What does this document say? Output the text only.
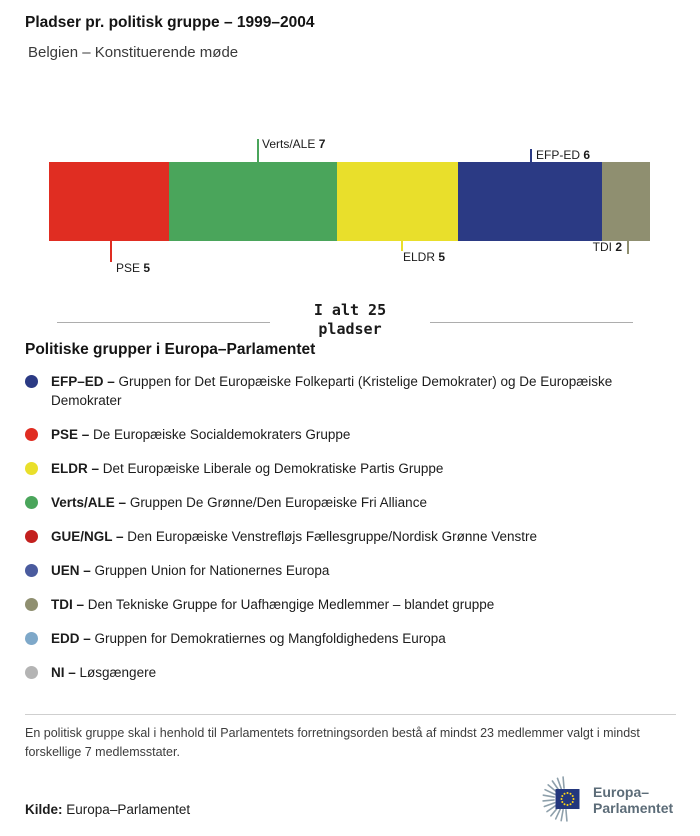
Pladser pr. politisk gruppe – 1999–2004
Belgien – Konstituerende møde
Verts/ALE 7
EFP-ED 6
PSE 5
ELDR 5
TDI 2
I alt 25
pladser
Politiske grupper i Europa–Parlamentet
EFP–ED – Gruppen for Det Europæiske Folkeparti (Kristelige Demokrater) og De Europæiske Demokrater
PSE – De Europæiske Socialdemokraters Gruppe
ELDR – Det Europæiske Liberale og Demokratiske Partis Gruppe
Verts/ALE – Gruppen De Grønne/Den Europæiske Fri Alliance
GUE/NGL – Den Europæiske Venstrefløjs Fællesgruppe/Nordisk Grønne Venstre
UEN – Gruppen Union for Nationernes Europa
TDI – Den Tekniske Gruppe for Uafhængige Medlemmer – blandet gruppe
EDD – Gruppen for Demokratiernes og Mangfoldighedens Europa
NI – Løsgængere
En politisk gruppe skal i henhold til Parlamentets forretningsorden bestå af mindst 23 medlemmer valgt i mindst forskellige 7 medlemsstater.
Kilde: Europa–Parlamentet
Europa–
Parlamentet
